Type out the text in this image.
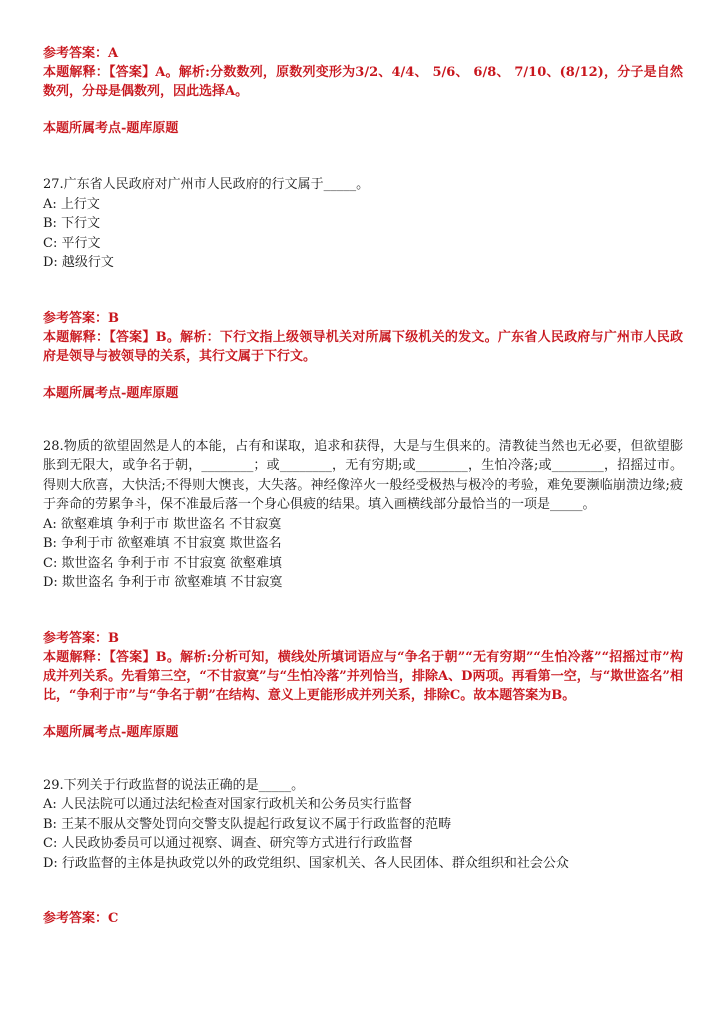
参考答案：A

本题解释：【答案】A。解析:分数数列，原数列变形为3/2、4/4、 5/6、 6/8、 7/10、(8/12)，分子是自然数列，分母是偶数列，因此选择A。

本题所属考点-题库原题

27.广东省人民政府对广州市人民政府的行文属于_____。

A: 上行文

B: 下行文

C: 平行文

D: 越级行文

参考答案：B

本题解释：【答案】B。解析：下行文指上级领导机关对所属下级机关的发文。广东省人民政府与广州市人民政府是领导与被领导的关系，其行文属于下行文。

本题所属考点-题库原题

28.物质的欲望固然是人的本能，占有和谋取，追求和获得，大是与生俱来的。清教徒当然也无必要，但欲望膨胀到无限大，或争名于朝，________；或________，无有穷期;或________，生怕冷落;或________，招摇过市。得则大欣喜，大快活;不得则大懊丧，大失落。神经像淬火一般经受极热与极冷的考验，难免要濒临崩溃边缘;疲于奔命的劳累争斗，保不准最后落一个身心俱疲的结果。填入画横线部分最恰当的一项是_____。

A: 欲壑难填 争利于市 欺世盗名 不甘寂寞

B: 争利于市 欲壑难填 不甘寂寞 欺世盗名

C: 欺世盗名 争利于市 不甘寂寞 欲壑难填

D: 欺世盗名 争利于市 欲壑难填 不甘寂寞

参考答案：B

本题解释：【答案】B。解析:分析可知，横线处所填词语应与“争名于朝”“无有穷期”“生怕冷落”“招摇过市”构成并列关系。先看第三空，“不甘寂寞”与“生怕冷落”并列恰当，排除A、D两项。再看第一空，与“欺世盗名”相比，“争利于市”与“争名于朝”在结构、意义上更能形成并列关系，排除C。故本题答案为B。

本题所属考点-题库原题

29.下列关于行政监督的说法正确的是_____。

A: 人民法院可以通过法纪检查对国家行政机关和公务员实行监督

B: 王某不服从交警处罚向交警支队提起行政复议不属于行政监督的范畴

C: 人民政协委员可以通过视察、调查、研究等方式进行行政监督

D: 行政监督的主体是执政党以外的政党组织、国家机关、各人民团体、群众组织和社会公众

参考答案：C
